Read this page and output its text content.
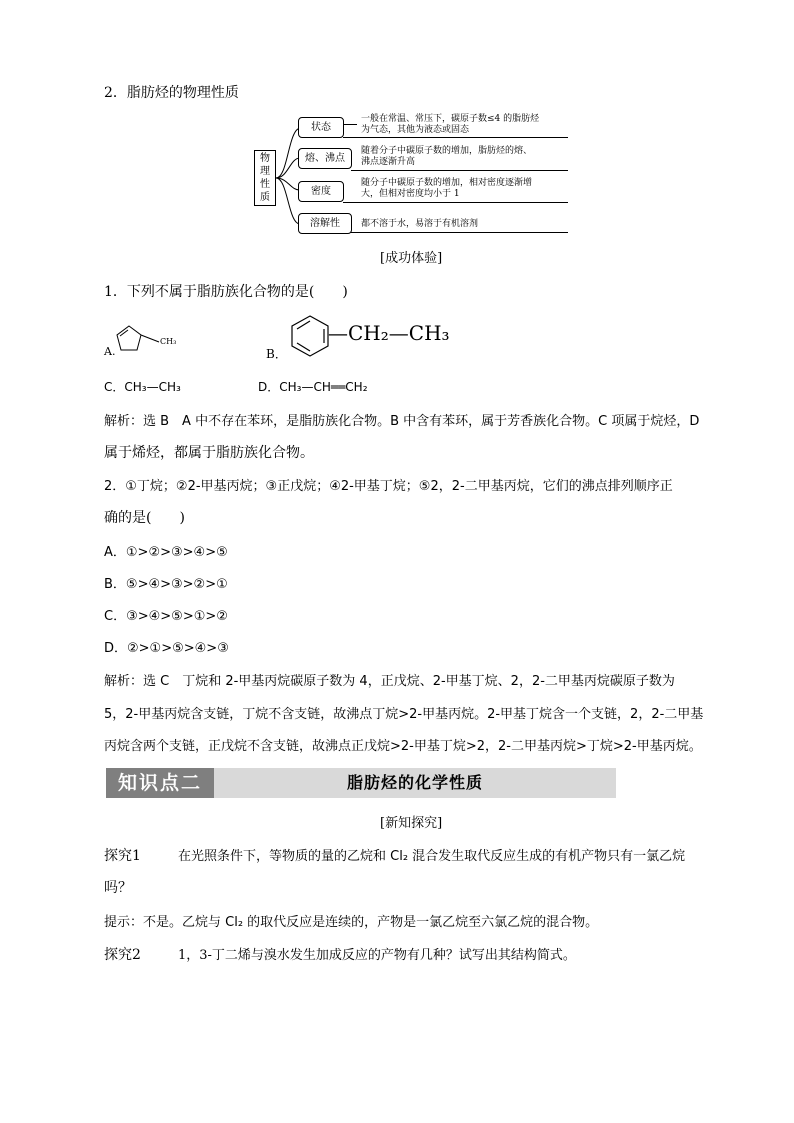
2．脂肪烃的物理性质
物
理
性
质
状态
一般在常温、常压下，碳原子数≤4 的脂肪烃
为气态，其他为液态或固态
熔、沸点
随着分子中碳原子数的增加，脂肪烃的熔、
沸点逐渐升高
密度
随分子中碳原子数的增加，相对密度逐渐增
大，但相对密度均小于 1
溶解性	都不溶于水，易溶于有机溶剂
[成功体验]
1．下列不属于脂肪族化合物的是(　　)
A.
CH₃
B．
—CH₂—CH₃
C．CH₃—CH₃	D．CH₃—CH══CH₂
解析：选 B　A 中不存在苯环，是脂肪族化合物。B 中含有苯环，属于芳香族化合物。C 项属于烷烃，D
属于烯烃，都属于脂肪族化合物。
2．①丁烷；②2-甲基丙烷；③正戊烷；④2-甲基丁烷；⑤2，2-二甲基丙烷，它们的沸点排列顺序正
确的是(　　)
A．①>②>③>④>⑤
B．⑤>④>③>②>①
C．③>④>⑤>①>②
D．②>①>⑤>④>③
解析：选 C　丁烷和 2-甲基丙烷碳原子数为 4，正戊烷、2-甲基丁烷、2，2-二甲基丙烷碳原子数为
5，2-甲基丙烷含支链，丁烷不含支链，故沸点丁烷>2-甲基丙烷。2-甲基丁烷含一个支链，2，2-二甲基
丙烷含两个支链，正戊烷不含支链，故沸点正戊烷>2-甲基丁烷>2，2-二甲基丙烷>丁烷>2-甲基丙烷。
知识点二	脂肪烃的化学性质
[新知探究]
探究1	在光照条件下，等物质的量的乙烷和 Cl₂ 混合发生取代反应生成的有机产物只有一氯乙烷
吗？
提示：不是。乙烷与 Cl₂ 的取代反应是连续的，产物是一氯乙烷至六氯乙烷的混合物。
探究2	1，3-丁二烯与溴水发生加成反应的产物有几种？试写出其结构简式。
